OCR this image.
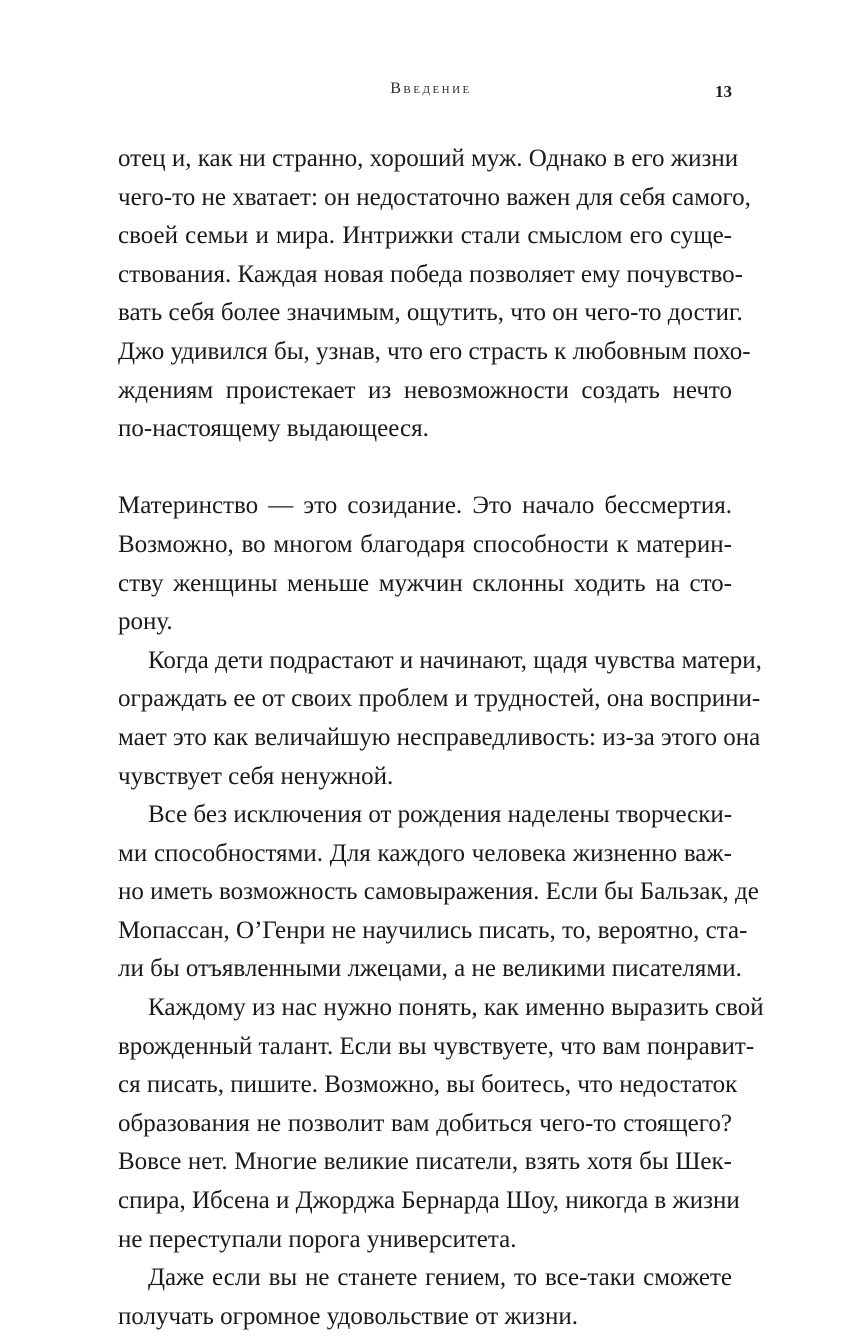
Введение	13
отец и, как ни странно, хороший муж. Однако в его жизни
чего-то не хватает: он недостаточно важен для себя самого,
своей семьи и мира. Интрижки стали смыслом его суще-
ствования. Каждая новая победа позволяет ему почувство-
вать себя более значимым, ощутить, что он чего-то достиг.
Джо удивился бы, узнав, что его страсть к любовным похо-
ждениям проистекает из невозможности создать нечто
по-настоящему выдающееся.
Материнство — это созидание. Это начало бессмертия.
Возможно, во многом благодаря способности к материн-
ству женщины меньше мужчин склонны ходить на сто-
рону.
Когда дети подрастают и начинают, щадя чувства матери,
ограждать ее от своих проблем и трудностей, она восприни-
мает это как величайшую несправедливость: из-за этого она
чувствует себя ненужной.
Все без исключения от рождения наделены творчески-
ми способностями. Для каждого человека жизненно важ-
но иметь возможность самовыражения. Если бы Бальзак, де
Мопассан, О’Генри не научились писать, то, вероятно, ста-
ли бы отъявленными лжецами, а не великими писателями.
Каждому из нас нужно понять, как именно выразить свой
врожденный талант. Если вы чувствуете, что вам понравит-
ся писать, пишите. Возможно, вы боитесь, что недостаток
образования не позволит вам добиться чего-то стоящего?
Вовсе нет. Многие великие писатели, взять хотя бы Шек-
спира, Ибсена и Джорджа Бернарда Шоу, никогда в жизни
не переступали порога университета.
Даже если вы не станете гением, то все-таки сможете
получать огромное удовольствие от жизни.
